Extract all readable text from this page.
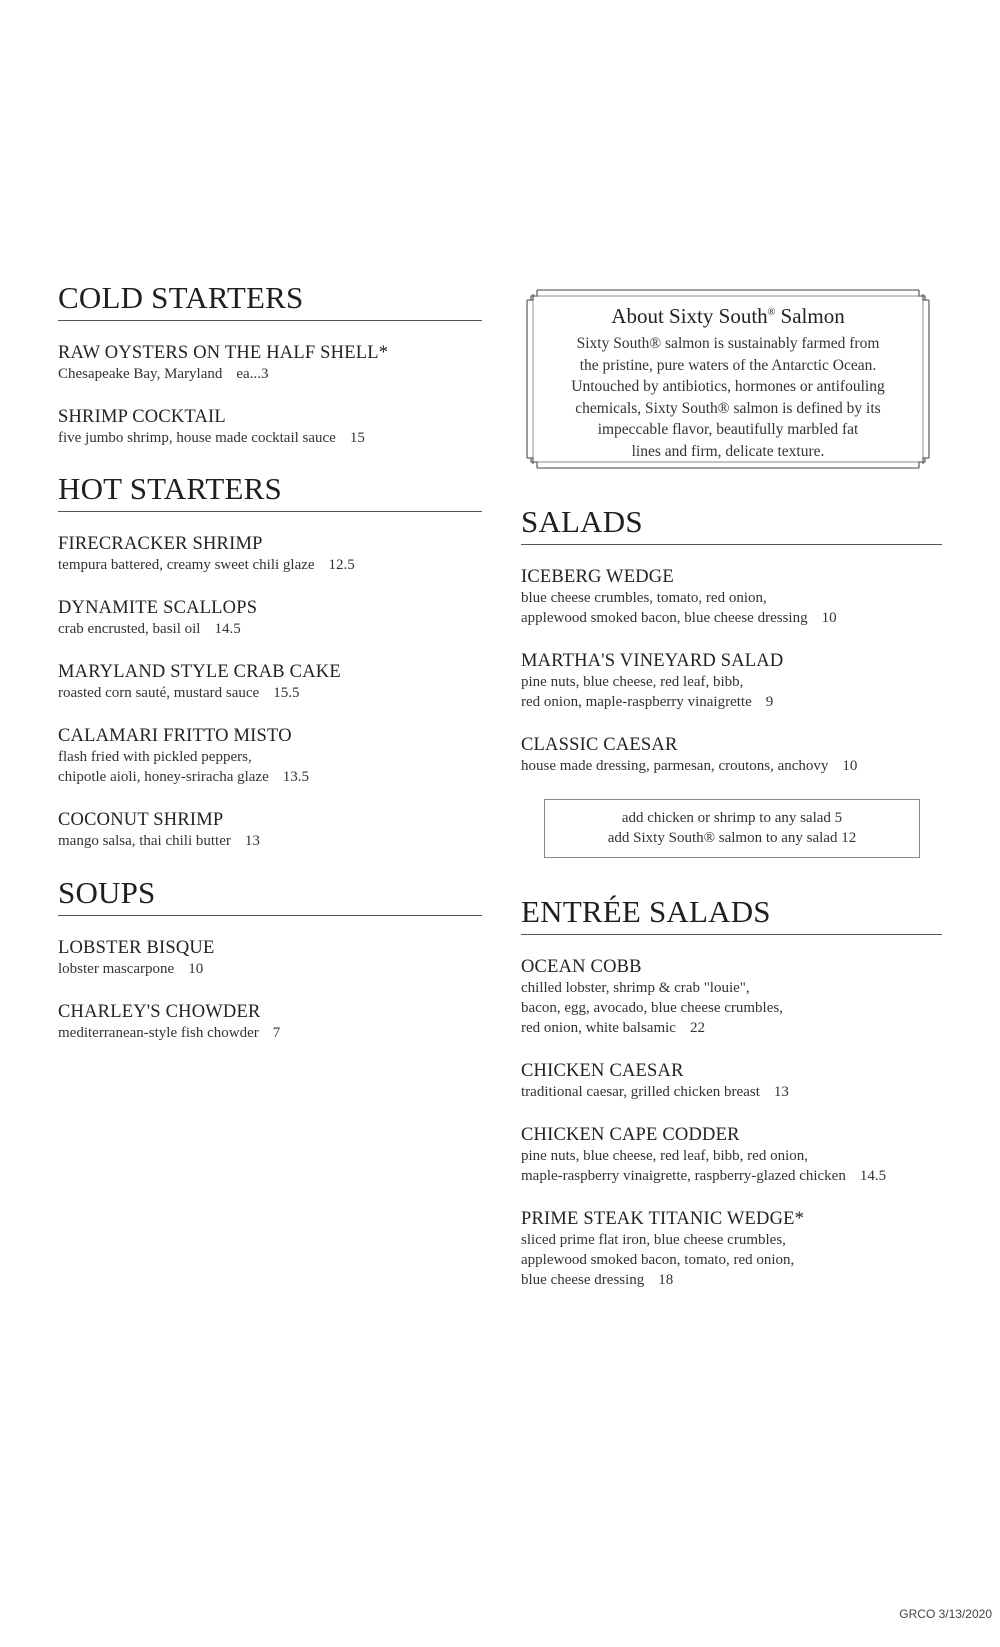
COLD STARTERS
RAW OYSTERS ON THE HALF SHELL*
Chesapeake Bay, Maryland ea...3
SHRIMP COCKTAIL
five jumbo shrimp, house made cocktail sauce 15
HOT STARTERS
FIRECRACKER SHRIMP
tempura battered, creamy sweet chili glaze 12.5
DYNAMITE SCALLOPS
crab encrusted, basil oil 14.5
MARYLAND STYLE CRAB CAKE
roasted corn sauté, mustard sauce 15.5
CALAMARI FRITTO MISTO
flash fried with pickled peppers,
chipotle aioli, honey-sriracha glaze 13.5
COCONUT SHRIMP
mango salsa, thai chili butter 13
SOUPS
LOBSTER BISQUE
lobster mascarpone 10
CHARLEY'S CHOWDER
mediterranean-style fish chowder 7
About Sixty South® Salmon
Sixty South® salmon is sustainably farmed from
the pristine, pure waters of the Antarctic Ocean.
Untouched by antibiotics, hormones or antifouling
chemicals, Sixty South® salmon is defined by its
impeccable flavor, beautifully marbled fat
lines and firm, delicate texture.
SALADS
ICEBERG WEDGE
blue cheese crumbles, tomato, red onion,
applewood smoked bacon, blue cheese dressing 10
MARTHA'S VINEYARD SALAD
pine nuts, blue cheese, red leaf, bibb,
red onion, maple-raspberry vinaigrette 9
CLASSIC CAESAR
house made dressing, parmesan, croutons, anchovy 10
add chicken or shrimp to any salad 5
add Sixty South® salmon to any salad 12
ENTRÉE SALADS
OCEAN COBB
chilled lobster, shrimp & crab "louie",
bacon, egg, avocado, blue cheese crumbles,
red onion, white balsamic 22
CHICKEN CAESAR
traditional caesar, grilled chicken breast 13
CHICKEN CAPE CODDER
pine nuts, blue cheese, red leaf, bibb, red onion,
maple-raspberry vinaigrette, raspberry-glazed chicken 14.5
PRIME STEAK TITANIC WEDGE*
sliced prime flat iron, blue cheese crumbles,
applewood smoked bacon, tomato, red onion,
blue cheese dressing 18
GRCO 3/13/2020
